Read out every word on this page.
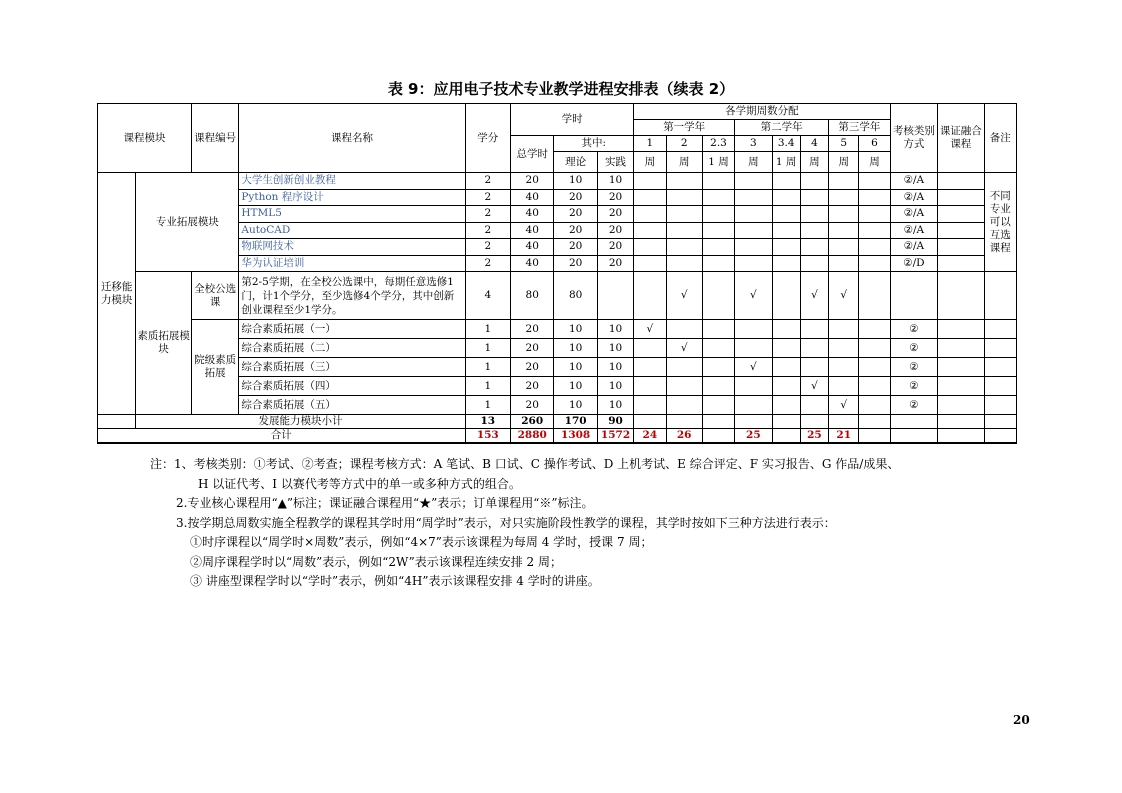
表 9：应用电子技术专业教学进程安排表（续表 2）
课程模块		课程编号	课程名称	学分	学时			各学期周数分配								考核类别方式	课证融合课程	备注
								第一学年			第二学年			第三学年				
					总学时	其中:		1	2	2.3	3	3.4	4	5	6			
						理论	实践	周	周	1 周	周	1 周	周	周	周			
迁移能力模块	专业拓展模块		大学生创新创业教程	2	20	10	10									②/A		不同专业可以互选课程
			Python 程序设计	2	40	20	20									②/A		
			HTML5	2	40	20	20									②/A		
			AutoCAD	2	40	20	20									②/A		
			物联网技术	2	40	20	20									②/A		
			华为认证培训	2	40	20	20									②/D		
	素质拓展模块	全校公选课	第2-5学期，在全校公选课中，每期任意选修1门，计1个学分，至少选修4个学分，其中创新创业课程至少1学分。	4	80	80			√		√		√	√				
		院级素质拓展	综合素质拓展（一）	1	20	10	10	√								②		
			综合素质拓展（二）	1	20	10	10		√							②		
			综合素质拓展（三）	1	20	10	10				√					②		
			综合素质拓展（四）	1	20	10	10						√			②		
			综合素质拓展（五）	1	20	10	10							√		②		
	发展能力模块小计			13	260	170	90											
合计				153	2880	1308	1572	24	26		25		25	21				
注：1、考核类别：①考试、②考查；课程考核方式：A 笔试、B 口试、C 操作考试、D 上机考试、E 综合评定、F 实习报告、G 作品/成果、
H 以证代考、I 以赛代考等方式中的单一或多种方式的组合。
2.专业核心课程用“▲”标注；课证融合课程用“★”表示；订单课程用“※”标注。
3.按学期总周数实施全程教学的课程其学时用“周学时”表示，对只实施阶段性教学的课程，其学时按如下三种方法进行表示：
①时序课程以“周学时×周数”表示，例如“4×7”表示该课程为每周 4 学时，授课 7 周；
②周序课程学时以“周数”表示，例如“2W”表示该课程连续安排 2 周；
③ 讲座型课程学时以“学时”表示，例如“4H”表示该课程安排 4 学时的讲座。
20
